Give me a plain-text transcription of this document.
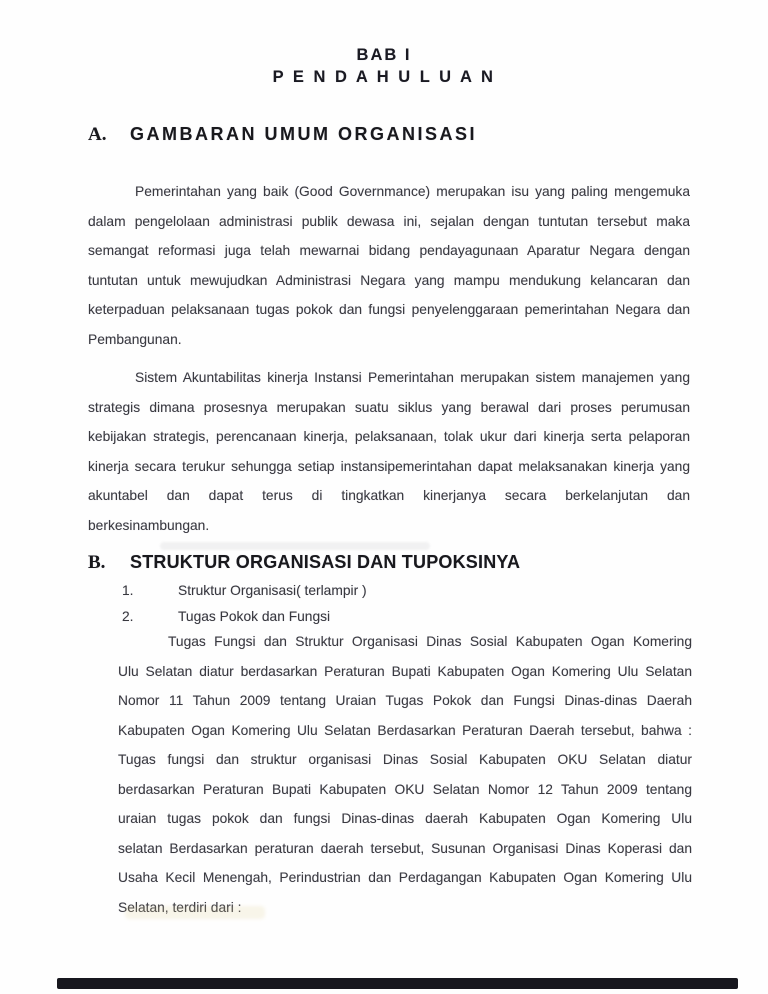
BAB I
P E N D A H U L U A N
A.	GAMBARAN UMUM ORGANISASI
Pemerintahan yang baik (Good Governmance) merupakan isu yang paling mengemuka
dalam pengelolaan administrasi publik dewasa ini, sejalan dengan tuntutan tersebut maka
semangat reformasi juga telah mewarnai bidang pendayagunaan Aparatur Negara dengan
tuntutan untuk mewujudkan Administrasi Negara yang mampu mendukung kelancaran dan
keterpaduan pelaksanaan tugas pokok dan fungsi penyelenggaraan pemerintahan Negara dan
Pembangunan.
Sistem Akuntabilitas kinerja Instansi Pemerintahan merupakan sistem manajemen yang
strategis dimana prosesnya merupakan suatu siklus yang berawal dari proses perumusan
kebijakan strategis, perencanaan kinerja, pelaksanaan, tolak ukur dari kinerja serta pelaporan
kinerja secara terukur sehungga setiap instansipemerintahan dapat melaksanakan kinerja yang
akuntabel dan dapat terus di tingkatkan kinerjanya secara berkelanjutan dan
berkesinambungan.
B.	STRUKTUR ORGANISASI DAN TUPOKSINYA
1.	Struktur Organisasi( terlampir )
2.	Tugas Pokok dan Fungsi
Tugas Fungsi dan Struktur Organisasi Dinas Sosial Kabupaten Ogan Komering
Ulu Selatan diatur berdasarkan Peraturan Bupati Kabupaten Ogan Komering Ulu Selatan
Nomor 11 Tahun 2009 tentang Uraian Tugas Pokok dan Fungsi Dinas-dinas Daerah
Kabupaten Ogan Komering Ulu Selatan Berdasarkan Peraturan Daerah tersebut, bahwa :
Tugas fungsi dan struktur organisasi Dinas Sosial Kabupaten OKU Selatan diatur
berdasarkan Peraturan Bupati Kabupaten OKU Selatan Nomor 12 Tahun 2009 tentang
uraian tugas pokok dan fungsi Dinas-dinas daerah Kabupaten Ogan Komering Ulu
selatan Berdasarkan peraturan daerah tersebut, Susunan Organisasi Dinas Koperasi dan
Usaha Kecil Menengah, Perindustrian dan Perdagangan Kabupaten Ogan Komering Ulu
Selatan, terdiri dari :
